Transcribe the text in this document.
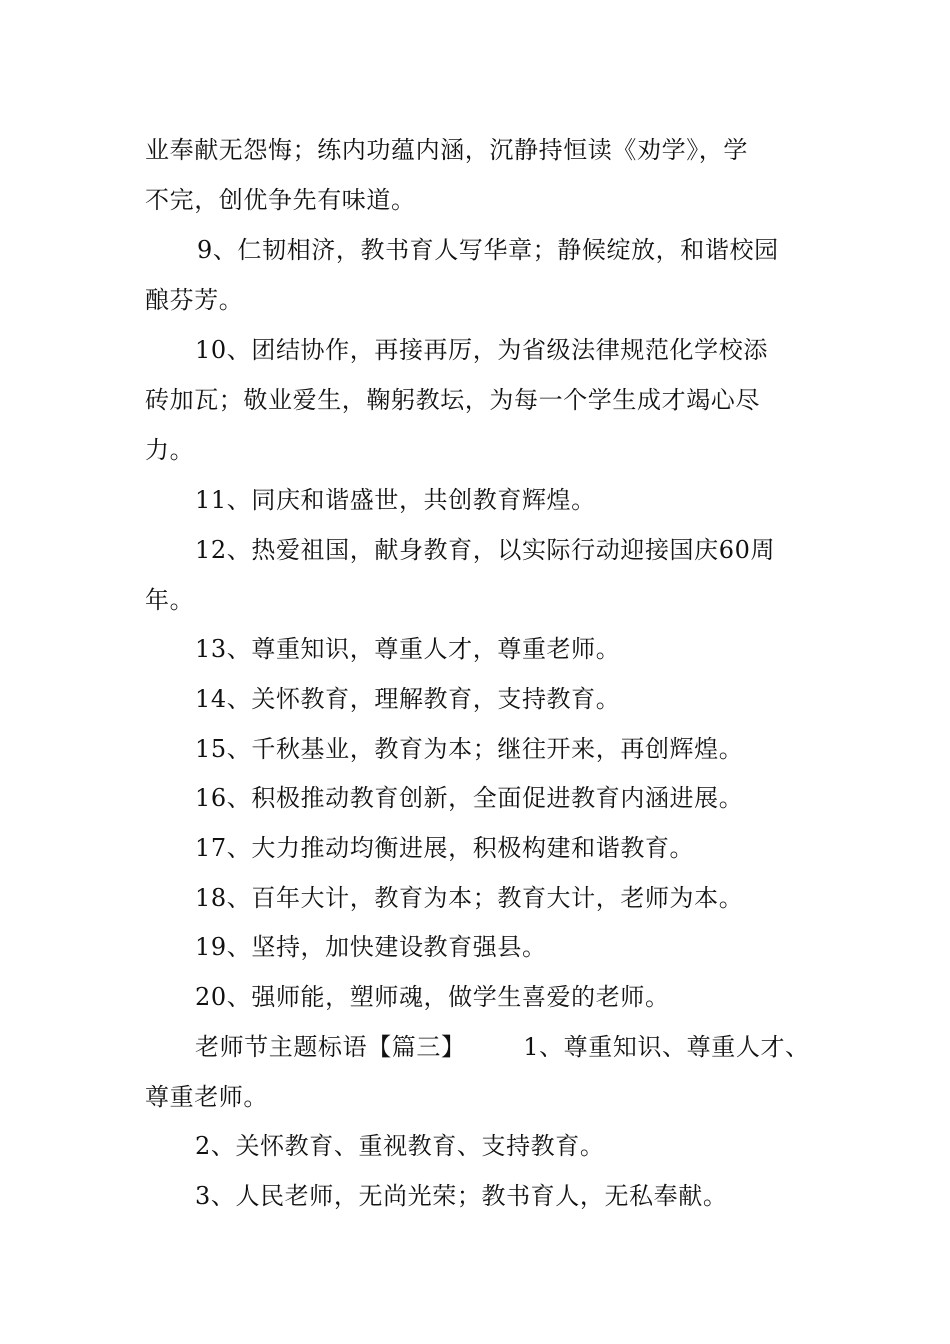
业奉献无怨悔；练内功蕴内涵，沉静持恒读《劝学》，学
不完，创优争先有味道。
9、仁韧相济，教书育人写华章；静候绽放，和谐校园
酿芬芳。
10、团结协作，再接再厉，为省级法律规范化学校添
砖加瓦；敬业爱生，鞠躬教坛，为每一个学生成才竭心尽
力。
11、同庆和谐盛世，共创教育辉煌。
12、热爱祖国，献身教育，以实际行动迎接国庆60周
年。
13、尊重知识，尊重人才，尊重老师。
14、关怀教育，理解教育，支持教育。
15、千秋基业，教育为本；继往开来，再创辉煌。
16、积极推动教育创新，全面促进教育内涵进展。
17、大力推动均衡进展，积极构建和谐教育。
18、百年大计，教育为本；教育大计，老师为本。
19、坚持，加快建设教育强县。
20、强师能，塑师魂，做学生喜爱的老师。
老师节主题标语【篇三】       1、尊重知识、尊重人才、
尊重老师。
2、关怀教育、重视教育、支持教育。
3、人民老师，无尚光荣；教书育人，无私奉献。
